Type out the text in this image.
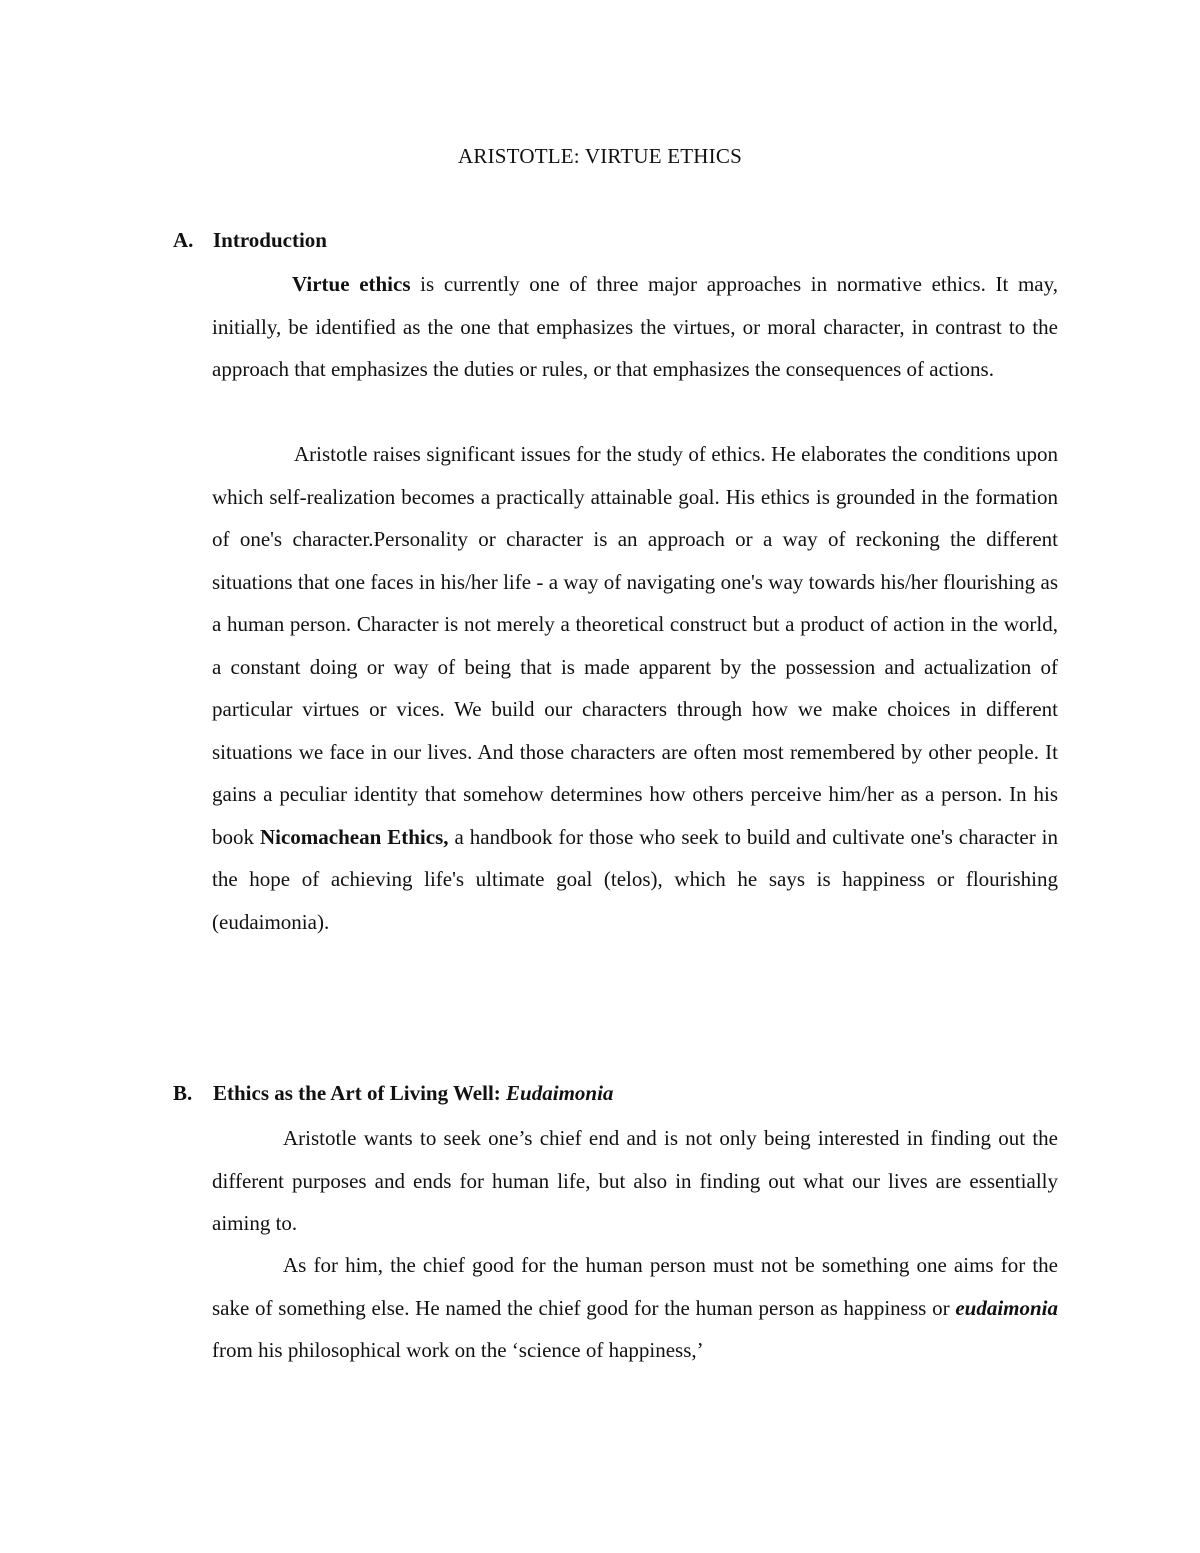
ARISTOTLE: VIRTUE ETHICS
A. Introduction

Virtue ethics is currently one of three major approaches in normative ethics. It may, initially, be identified as the one that emphasizes the virtues, or moral character, in contrast to the approach that emphasizes the duties or rules, or that emphasizes the consequences of actions.

Aristotle raises significant issues for the study of ethics. He elaborates the conditions upon which self-realization becomes a practically attainable goal. His ethics is grounded in the formation of one's character.Personality or character is an approach or a way of reckoning the different situations that one faces in his/her life - a way of navigating one's way towards his/her flourishing as a human person. Character is not merely a theoretical construct but a product of action in the world, a constant doing or way of being that is made apparent by the possession and actualization of particular virtues or vices. We build our characters through how we make choices in different situations we face in our lives. And those characters are often most remembered by other people. It gains a peculiar identity that somehow determines how others perceive him/her as a person. In his book Nicomachean Ethics, a handbook for those who seek to build and cultivate one's character in the hope of achieving life's ultimate goal (telos), which he says is happiness or flourishing (eudaimonia).

B. Ethics as the Art of Living Well: Eudaimonia

Aristotle wants to seek one’s chief end and is not only being interested in finding out the different purposes and ends for human life, but also in finding out what our lives are essentially aiming to.

As for him, the chief good for the human person must not be something one aims for the sake of something else. He named the chief good for the human person as happiness or eudaimonia from his philosophical work on the ‘science of happiness,’
